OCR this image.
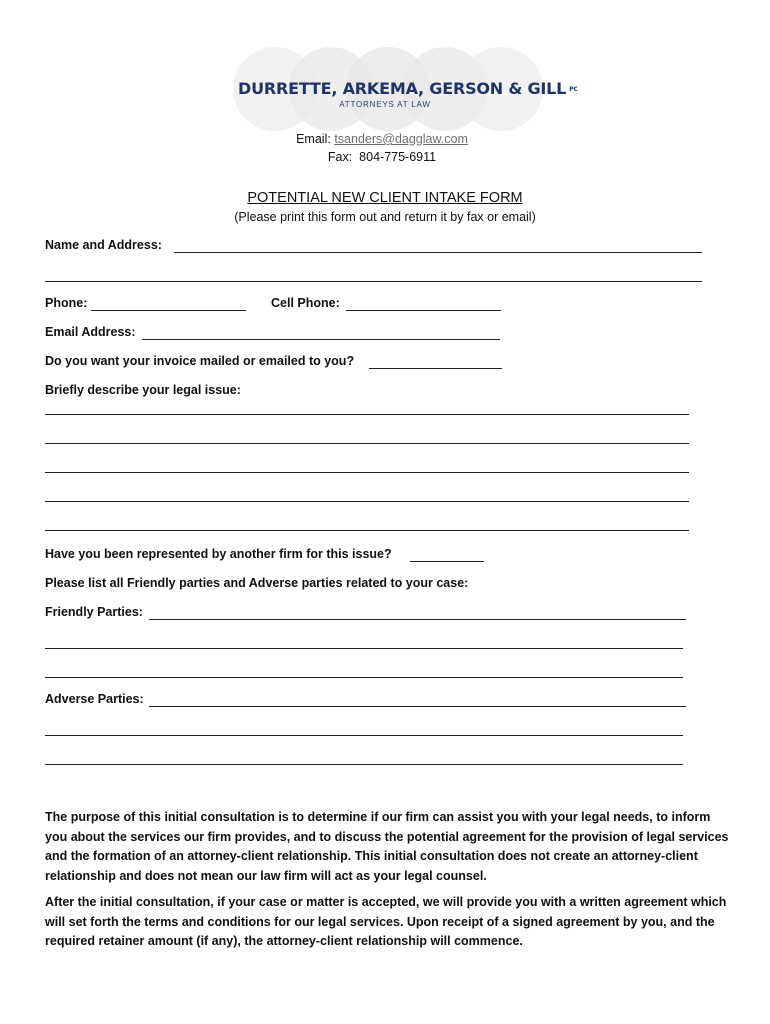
DURRETTE, ARKEMA, GERSON & GILL PC
ATTORNEYS AT LAW
Email: tsanders@dagglaw.com
Fax: 804-775-6911
POTENTIAL NEW CLIENT INTAKE FORM
(Please print this form out and return it by fax or email)
Name and Address:
Phone:	Cell Phone:
Email Address:
Do you want your invoice mailed or emailed to you?
Briefly describe your legal issue:
Have you been represented by another firm for this issue?
Please list all Friendly parties and Adverse parties related to your case:
Friendly Parties:
Adverse Parties:
The purpose of this initial consultation is to determine if our firm can assist you with your legal needs, to inform you about the services our firm provides, and to discuss the potential agreement for the provision of legal services and the formation of an attorney-client relationship. This initial consultation does not create an attorney-client relationship and does not mean our law firm will act as your legal counsel.
After the initial consultation, if your case or matter is accepted, we will provide you with a written agreement which will set forth the terms and conditions for our legal services. Upon receipt of a signed agreement by you, and the required retainer amount (if any), the attorney-client relationship will commence.
